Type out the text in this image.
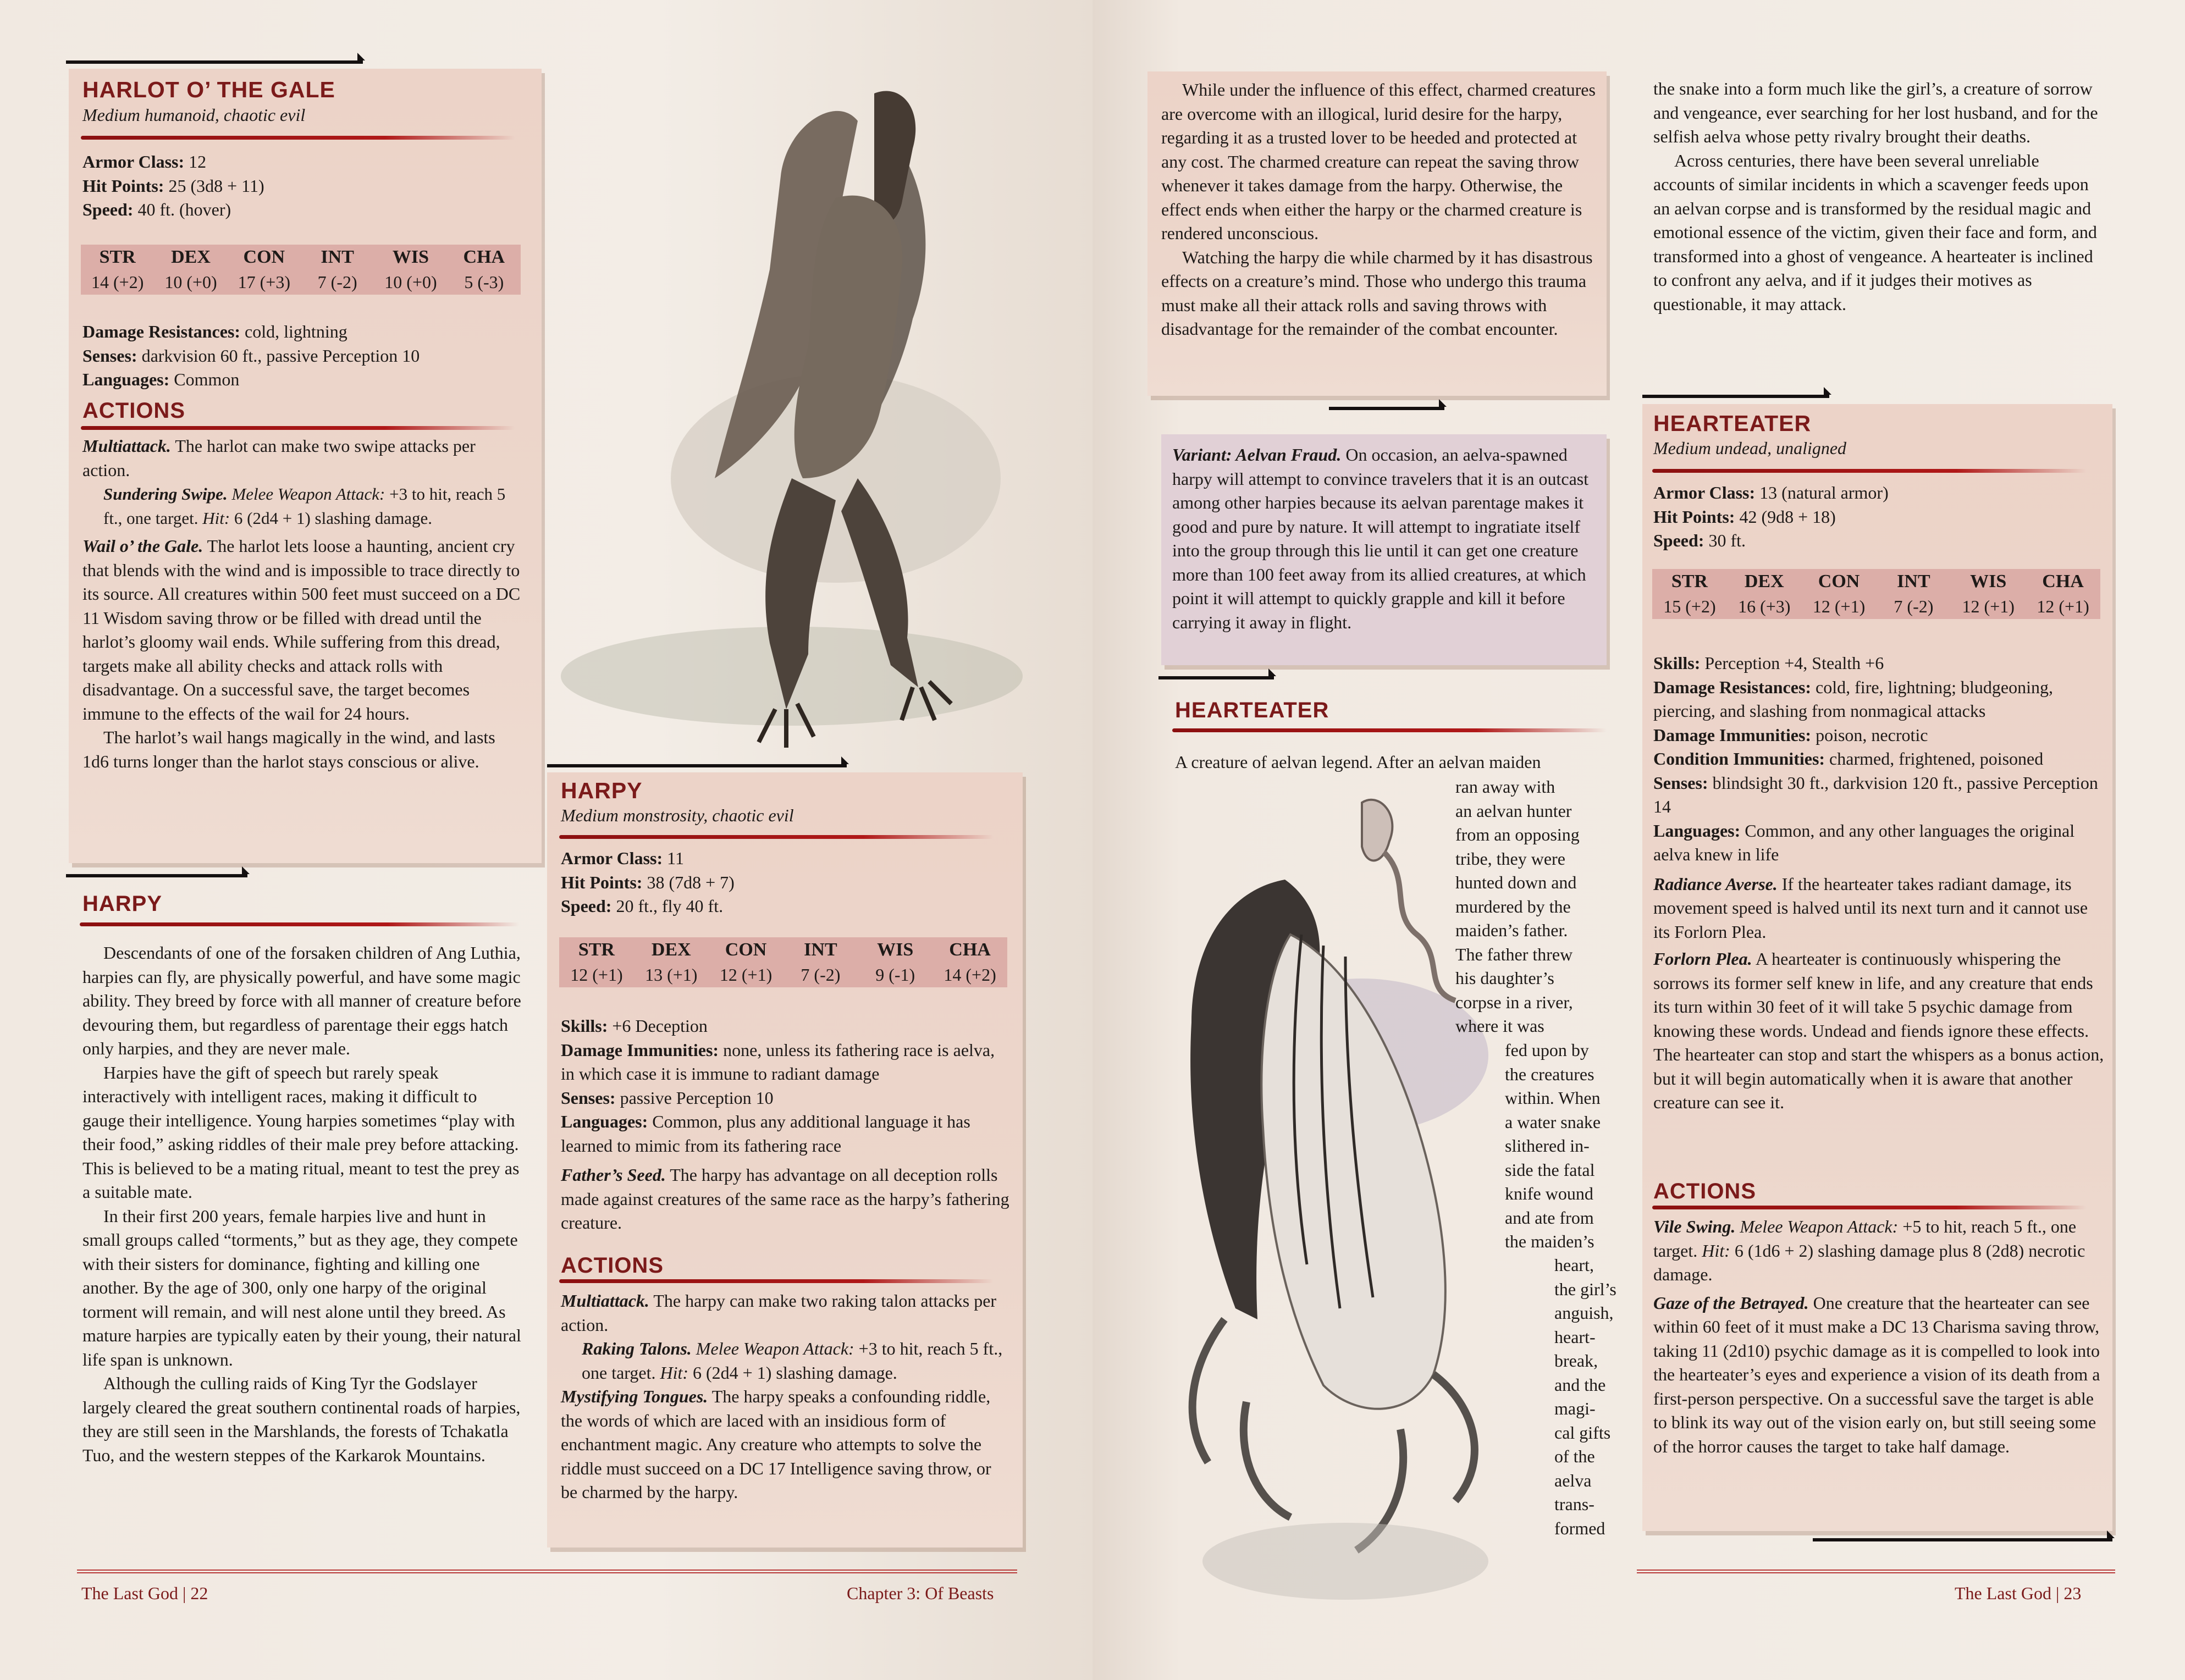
HARLOT O’ THE GALE
Medium humanoid, chaotic evil

Armor Class: 12

Hit Points: 25 (3d8 + 11)

Speed: 40 ft. (hover)

STR	DEX	CON	INT	WIS	CHA
14 (+2)	10 (+0)	17 (+3)	7 (-2)	10 (+0)	5 (-3)

Damage Resistances: cold, lightning

Senses: darkvision 60 ft., passive Perception 10

Languages: Common

ACTIONS

Multiattack. The harlot can make two swipe attacks per action.

Sundering Swipe. Melee Weapon Attack: +3 to hit, reach 5 ft., one target. Hit: 6 (2d4 + 1) slashing damage.

Wail o’ the Gale. The harlot lets loose a haunting, ancient cry that blends with the wind and is impossible to trace directly to its source. All creatures within 500 feet must succeed on a DC 11 Wisdom saving throw or be filled with dread until the harlot’s gloomy wail ends. While suffering from this dread, targets make all ability checks and attack rolls with disadvantage. On a successful save, the target becomes immune to the effects of the wail for 24 hours.

The harlot’s wail hangs magically in the wind, and lasts 1d6 turns longer than the harlot stays conscious or alive.

HARPY

Descendants of one of the forsaken children of Ang Luthia, harpies can fly, are physically powerful, and have some magic ability. They breed by force with all manner of creature before devouring them, but regardless of parentage their eggs hatch only harpies, and they are never male.

Harpies have the gift of speech but rarely speak interactively with intelligent races, making it difficult to gauge their intelligence. Young harpies sometimes “play with their food,” asking riddles of their male prey before attacking. This is believed to be a mating ritual, meant to test the prey as a suitable mate.

In their first 200 years, female harpies live and hunt in small groups called “torments,” but as they age, they compete with their sisters for dominance, fighting and killing one another. By the age of 300, only one harpy of the original torment will remain, and will nest alone until they breed. As mature harpies are typically eaten by their young, their natural life span is unknown.

Although the culling raids of King Tyr the Godslayer largely cleared the great southern continental roads of harpies, they are still seen in the Marshlands, the forests of Tchakatla Tuo, and the western steppes of the Karkarok Mountains.

HARPY
Medium monstrosity, chaotic evil

Armor Class: 11

Hit Points: 38 (7d8 + 7)

Speed: 20 ft., fly 40 ft.

STR	DEX	CON	INT	WIS	CHA
12 (+1)	13 (+1)	12 (+1)	7 (-2)	9 (-1)	14 (+2)

Skills: +6 Deception

Damage Immunities: none, unless its fathering race is aelva, in which case it is immune to radiant damage

Senses: passive Perception 10

Languages: Common, plus any additional language it has learned to mimic from its fathering race

Father’s Seed. The harpy has advantage on all deception rolls made against creatures of the same race as the harpy’s fathering creature.

ACTIONS

Multiattack. The harpy can make two raking talon attacks per action.

Raking Talons. Melee Weapon Attack: +3 to hit, reach 5 ft., one target. Hit: 6 (2d4 + 1) slashing damage.

Mystifying Tongues. The harpy speaks a confounding riddle, the words of which are laced with an insidious form of enchantment magic. Any creature who attempts to solve the riddle must succeed on a DC 17 Intelligence saving throw, or be charmed by the harpy.

The Last God | 22	Chapter 3: Of Beasts

While under the influence of this effect, charmed creatures are overcome with an illogical, lurid desire for the harpy, regarding it as a trusted lover to be heeded and protected at any cost. The charmed creature can repeat the saving throw whenever it takes damage from the harpy. Otherwise, the effect ends when either the harpy or the charmed creature is rendered unconscious.

Watching the harpy die while charmed by it has disastrous effects on a creature’s mind. Those who undergo this trauma must make all their attack rolls and saving throws with disadvantage for the remainder of the combat encounter.

Variant: Aelvan Fraud. On occasion, an aelva-spawned harpy will attempt to convince travelers that it is an outcast among other harpies because its aelvan parentage makes it good and pure by nature. It will attempt to ingratiate itself into the group through this lie until it can get one creature more than 100 feet away from its allied creatures, at which point it will attempt to quickly grapple and kill it before carrying it away in flight.

HEARTEATER
A creature of aelvan legend. After an aelvan maiden

ran away with

an aelvan hunter

from an opposing

tribe, they were

hunted down and

murdered by the

maiden’s father.

The father threw

his daughter’s

corpse in a river,

where it was

fed upon by

the creatures

within. When

a water snake

slithered in-

side the fatal

knife wound

and ate from

the maiden’s

heart,

the girl’s

anguish,

heart-

break,

and the

magi-

cal gifts

of the

aelva

trans-

formed

the snake into a form much like the girl’s, a creature of sorrow and vengeance, ever searching for her lost husband, and for the selfish aelva whose petty rivalry brought their deaths.

Across centuries, there have been several unreliable accounts of similar incidents in which a scavenger feeds upon an aelvan corpse and is transformed by the residual magic and emotional essence of the victim, given their face and form, and transformed into a ghost of vengeance. A hearteater is inclined to confront any aelva, and if it judges their motives as questionable, it may attack.

HEARTEATER
Medium undead, unaligned

Armor Class: 13 (natural armor)

Hit Points: 42 (9d8 + 18)

Speed: 30 ft.

STR	DEX	CON	INT	WIS	CHA
15 (+2)	16 (+3)	12 (+1)	7 (-2)	12 (+1)	12 (+1)

Skills: Perception +4, Stealth +6

Damage Resistances: cold, fire, lightning; bludgeoning, piercing, and slashing from nonmagical attacks

Damage Immunities: poison, necrotic

Condition Immunities: charmed, frightened, poisoned

Senses: blindsight 30 ft., darkvision 120 ft., passive Perception 14

Languages: Common, and any other languages the original aelva knew in life

Radiance Averse. If the hearteater takes radiant damage, its movement speed is halved until its next turn and it cannot use its Forlorn Plea.

Forlorn Plea. A hearteater is continuously whispering the sorrows its former self knew in life, and any creature that ends its turn within 30 feet of it will take 5 psychic damage from knowing these words. Undead and fiends ignore these effects. The hearteater can stop and start the whispers as a bonus action, but it will begin automatically when it is aware that another creature can see it.

ACTIONS

Vile Swing. Melee Weapon Attack: +5 to hit, reach 5 ft., one target. Hit: 6 (1d6 + 2) slashing damage plus 8 (2d8) necrotic damage.

Gaze of the Betrayed. One creature that the hearteater can see within 60 feet of it must make a DC 13 Charisma saving throw, taking 11 (2d10) psychic damage as it is compelled to look into the hearteater’s eyes and experience a vision of its death from a first-person perspective. On a successful save the target is able to blink its way out of the vision early on, but still seeing some of the horror causes the target to take half damage.

The Last God | 23
